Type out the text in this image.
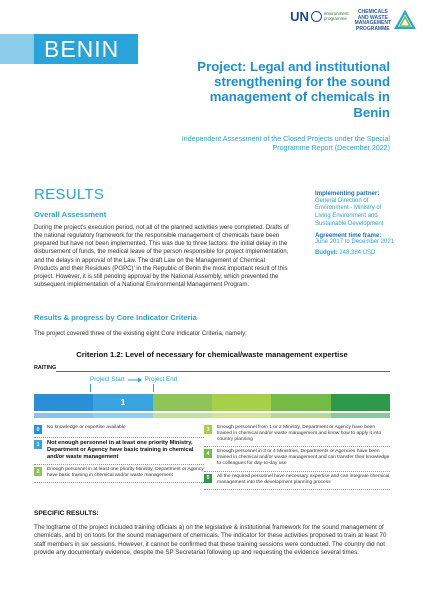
UN	environment
programme
CHEMICALS
AND WASTE
MANAGEMENT
PROGRAMME
BENIN
Project: Legal and institutional strengthening for the sound management of chemicals in Benin
Independent Assessment of the Closed Projects under the Special Programme Report (December 2022)
RESULTS
Overall Assessment
During the project's execution period, not all of the planned activities were completed. Drafts of the national regulatory framework for the responsible management of chemicals have been prepared but have not been implemented. This was due to three factors: the initial delay in the disbursement of funds, the medical leave of the person responsible for project implementation, and the delays in approval of the Law. The draft Law on the Management of Chemical Products and their Residues (PGPC)' in the Republic of Benin the most important result of this project. However, it is still pending approval by the National Assembly, which prevented the subsequent implementation of a National Environmental Management Program.
Implementing partner:
General Direction of Environment - Ministry of Living Environment and Sustainable Development
Agreement time frame:
June 2017 to December 2021
Budget: 248,384 USD
Results & progress by Core Indicator Criteria
The project covered three of the existing eight Core Indicator Criteria, namely:
Criterion 1.2: Level of necessary for chemical/waste management expertise
RAITING
Project Start	Project End
1
0	No knowledge or expertise available
1	Not enough personnel in at least one priority Ministry, Department or Agency have basic training in chemical and/or waste management
2	Enough personnel in at least one priority Ministry, Department or Agency have basic training in chemical and/or waste management
3	Enough personnel from 1 or 2 Ministry, Department or Agency have been trained in chemical and/or waste management and know how to apply it into country planning
4	Enough personnel in 3 or 4 Ministries, Departments or Agencies have been trained in chemical and/or waste management and can transfer their knowledge to colleagues for day-to-day use
5	All the required personnel have necessary expertise and can integrate chemical management into the development planning process
SPECIFIC RESULTS:
The logframe of the project included training officials a) on the legislative & institutional framework for the sound management of chemicals, and b) on tools for the sound management of chemicals. The indicator for these activities proposed to train at least 70 staff members in six sessions. However, it cannot be confirmed that these training sessions were conducted. The country did not provide any documentary evidence, despite the SP Secretariat following up and requesting the evidence several times.
